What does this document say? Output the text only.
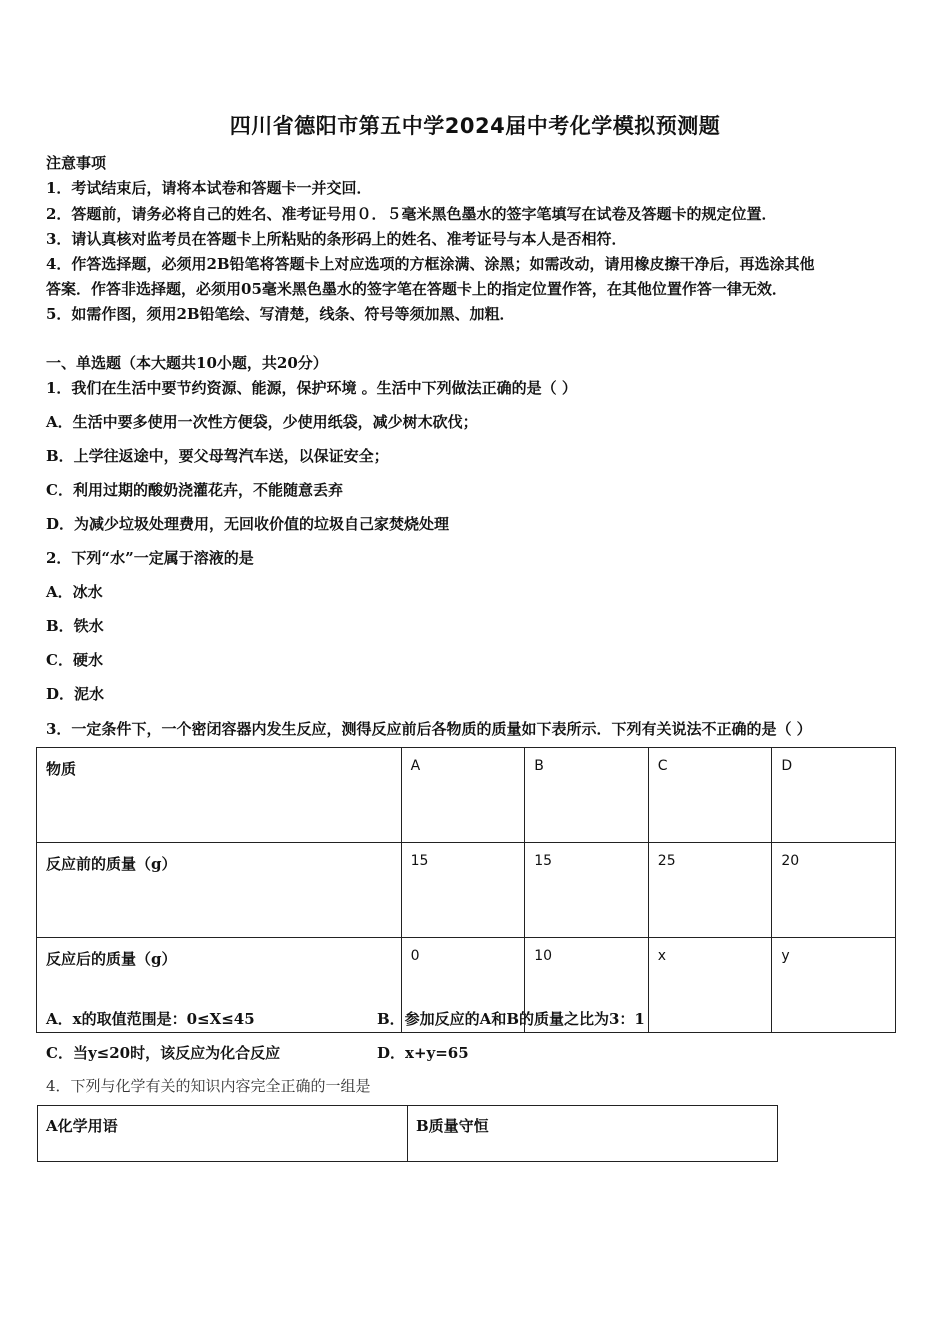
四川省德阳市第五中学2024届中考化学模拟预测题
注意事项
1．考试结束后，请将本试卷和答题卡一并交回．
2．答题前，请务必将自己的姓名、准考证号用０．５毫米黑色墨水的签字笔填写在试卷及答题卡的规定位置．
3．请认真核对监考员在答题卡上所粘贴的条形码上的姓名、准考证号与本人是否相符．
4．作答选择题，必须用2B铅笔将答题卡上对应选项的方框涂满、涂黑；如需改动，请用橡皮擦干净后，再选涂其他
答案．作答非选择题，必须用05毫米黑色墨水的签字笔在答题卡上的指定位置作答，在其他位置作答一律无效．
5．如需作图，须用2B铅笔绘、写清楚，线条、符号等须加黑、加粗．
一、单选题（本大题共10小题，共20分）
1．我们在生活中要节约资源、能源，保护环境 。生活中下列做法正确的是（ ）
A．生活中要多使用一次性方便袋，少使用纸袋，减少树木砍伐；
B．上学往返途中，要父母驾汽车送，以保证安全；
C．利用过期的酸奶浇灌花卉，不能随意丢弃
D．为减少垃圾处理费用，无回收价值的垃圾自己家焚烧处理
2．下列“水”一定属于溶液的是
A．冰水
B．铁水
C．硬水
D．泥水
3．一定条件下，一个密闭容器内发生反应，测得反应前后各物质的质量如下表所示．下列有关说法不正确的是（ ）
物质	A	B	C	D
反应前的质量（g）	15	15	25	20
反应后的质量（g）	0	10	x	y
A．x的取值范围是：0≤X≤45	B．参加反应的A和B的质量之比为3：1
C．当y≤20时，该反应为化合反应	D．x+y=65
4．下列与化学有关的知识内容完全正确的一组是
A化学用语	B质量守恒
